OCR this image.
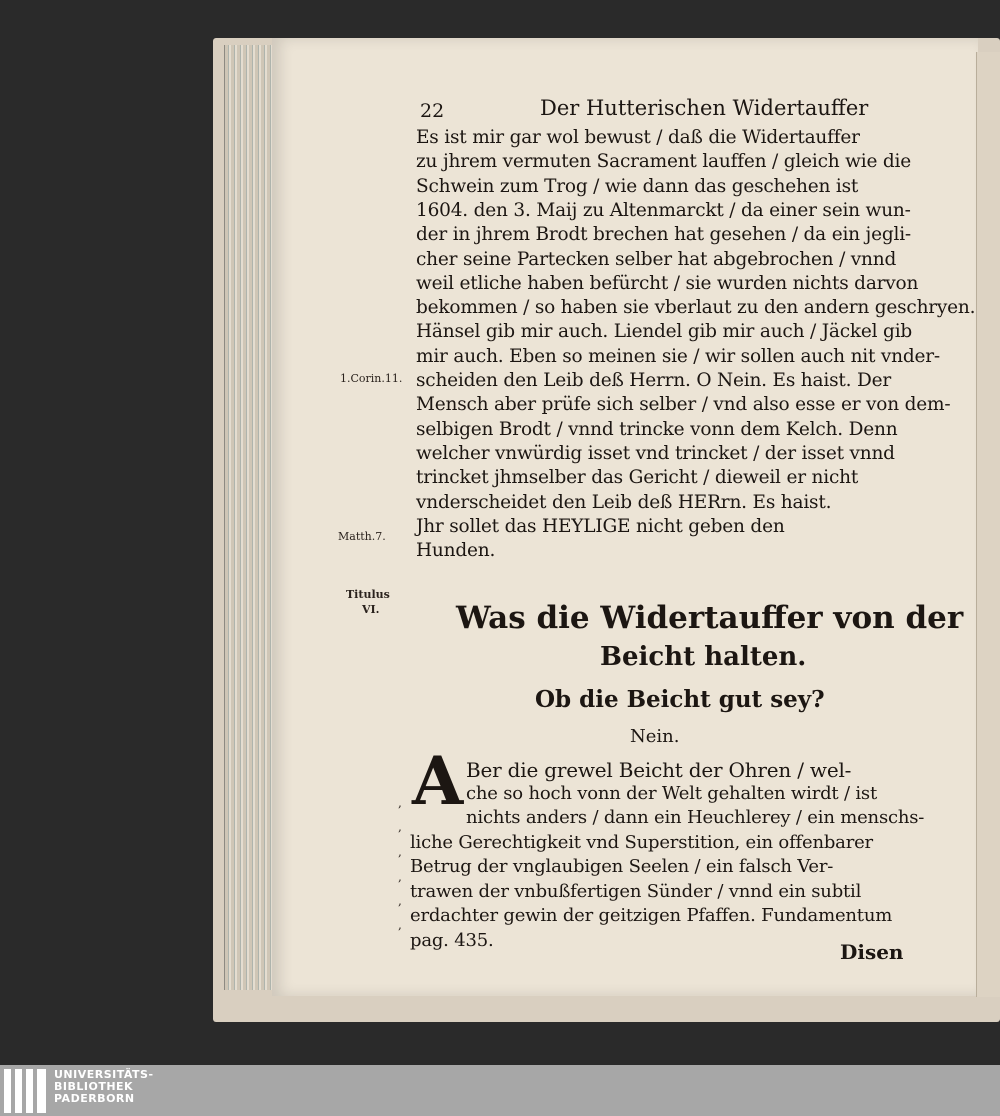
22	Der Hutterischen Widertauffer
Es ist mir gar wol bewust / daß die Widertauffer
zu jhrem vermuten Sacrament lauffen / gleich wie die
Schwein zum Trog / wie dann das geschehen ist
1604. den 3. Maij zu Altenmarckt / da einer sein wun-
der in jhrem Brodt brechen hat gesehen / da ein jegli-
cher seine Partecken selber hat abgebrochen / vnnd
weil etliche haben befürcht / sie wurden nichts darvon
bekommen / so haben sie vberlaut zu den andern geschryen.
Hänsel gib mir auch. Liendel gib mir auch / Jäckel gib
mir auch. Eben so meinen sie / wir sollen auch nit vnder-
scheiden den Leib deß Herrn. O Nein. Es haist. Der
Mensch aber prüfe sich selber / vnd also esse er von dem-
selbigen Brodt / vnnd trincke vonn dem Kelch. Denn
welcher vnwürdig isset vnd trincket / der isset vnnd
trincket jhmselber das Gericht / dieweil er nicht
vnderscheidet den Leib deß HERrn. Es haist.
Jhr sollet das HEYLIGE nicht geben den
Hunden.
1.Corin.11.
Matth.7.
Titulus
VI. Was die Widertauffer von der
Beicht halten.
Ob die Beicht gut sey?
Nein.
A Ber die grewel Beicht der Ohren / wel-
che so hoch vonn der Welt gehalten wirdt / ist
nichts anders / dann ein Heuchlerey / ein menschs-
liche Gerechtigkeit vnd Superstition, ein offenbarer
Betrug der vnglaubigen Seelen / ein falsch Ver-
trawen der vnbußfertigen Sünder / vnnd ein subtil
erdachter gewin der geitzigen Pfaffen. Fundamentum
pag. 435.
,
,
,
,
,
,
Disen
UNIVERSITÄTS-
BIBLIOTHEK
PADERBORN
